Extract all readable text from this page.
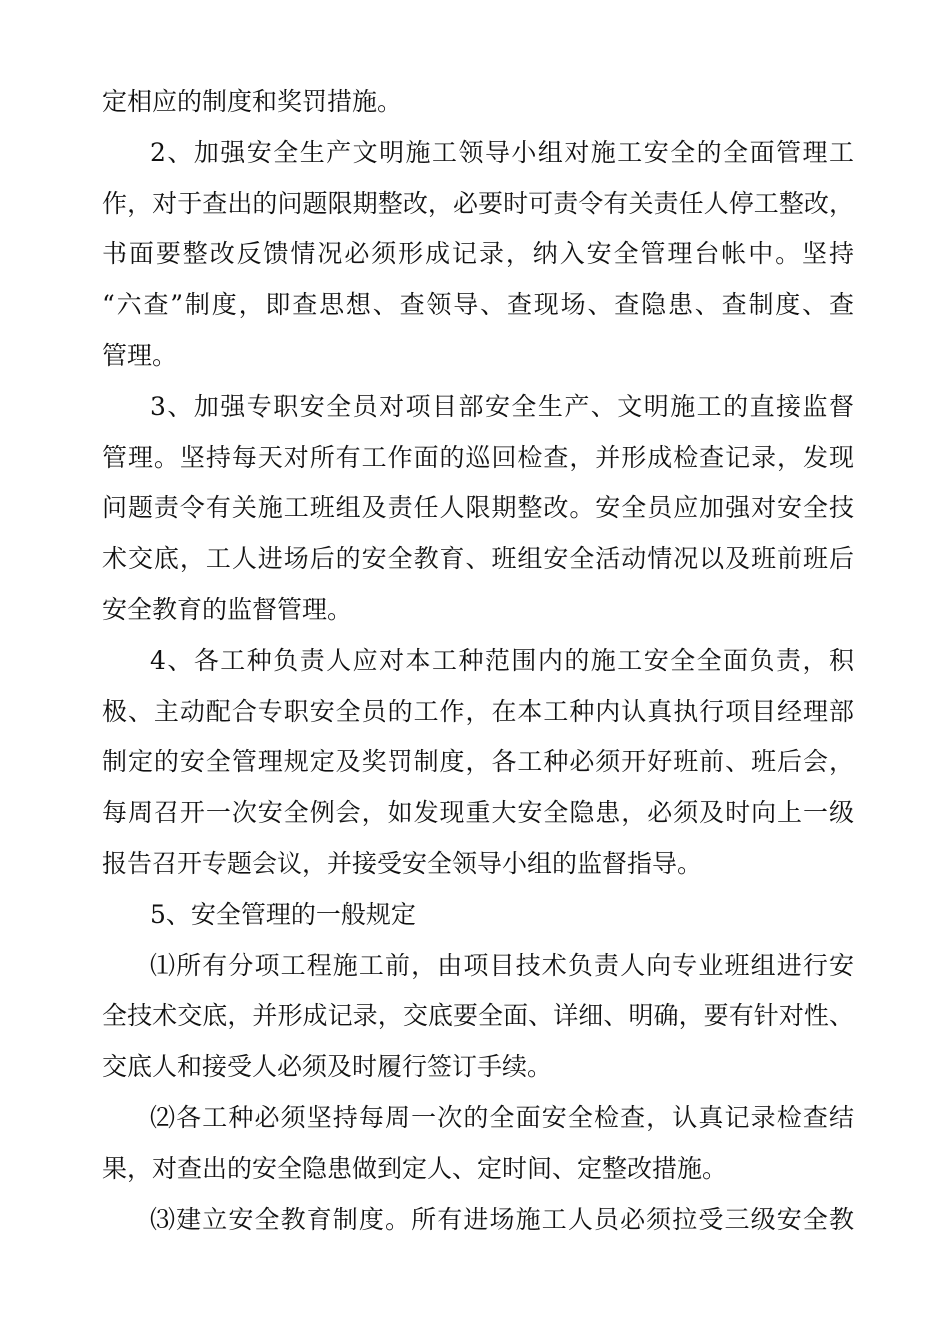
定相应的制度和奖罚措施。
2、加强安全生产文明施工领导小组对施工安全的全面管理工
作，对于查出的问题限期整改，必要时可责令有关责任人停工整改，
书面要整改反馈情况必须形成记录，纳入安全管理台帐中。坚持
“六查”制度，即查思想、查领导、查现场、查隐患、查制度、查
管理。
3、加强专职安全员对项目部安全生产、文明施工的直接监督
管理。坚持每天对所有工作面的巡回检查，并形成检查记录，发现
问题责令有关施工班组及责任人限期整改。安全员应加强对安全技
术交底，工人进场后的安全教育、班组安全活动情况以及班前班后
安全教育的监督管理。
4、各工种负责人应对本工种范围内的施工安全全面负责，积
极、主动配合专职安全员的工作，在本工种内认真执行项目经理部
制定的安全管理规定及奖罚制度，各工种必须开好班前、班后会，
每周召开一次安全例会，如发现重大安全隐患，必须及时向上一级
报告召开专题会议，并接受安全领导小组的监督指导。
5、安全管理的一般规定
⑴所有分项工程施工前，由项目技术负责人向专业班组进行安
全技术交底，并形成记录，交底要全面、详细、明确，要有针对性、
交底人和接受人必须及时履行签订手续。
⑵各工种必须坚持每周一次的全面安全检查，认真记录检查结
果，对查出的安全隐患做到定人、定时间、定整改措施。
⑶建立安全教育制度。所有进场施工人员必须拉受三级安全教
